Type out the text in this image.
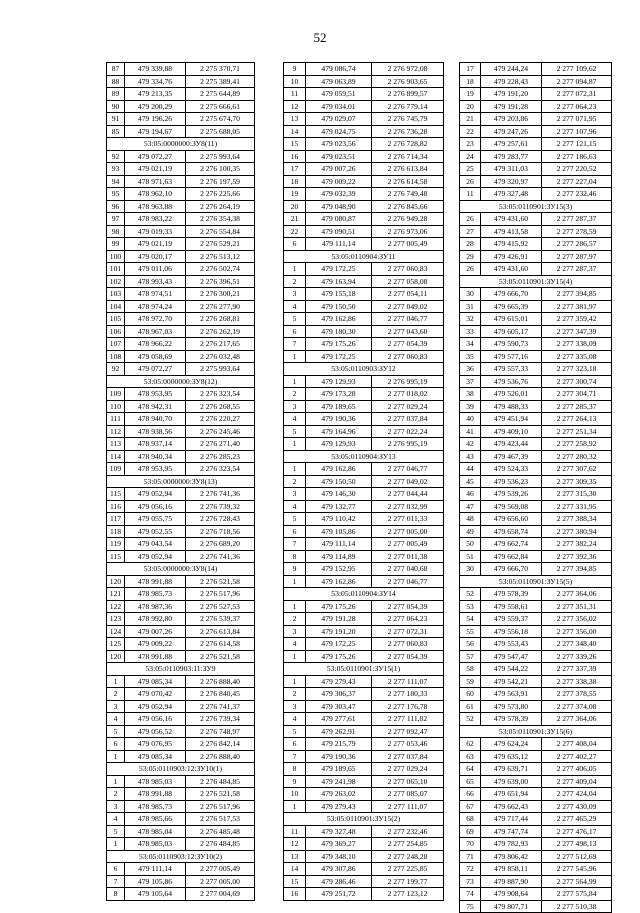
52
87	479 339,88	2 275 370,71
88	479 334,76	2 275 389,41
89	479 213,35	2 275 644,89
90	479 200,29	2 275 666,61
91	479 196,26	2 275 674,70
85	479 194,67	2 275 688,05
53:05:0000000:ЗУ8(11)		
92	479 072,27	2 275 993,64
93	479 021,19	2 276 100,35
94	478 971,63	2 276 197,59
95	478 962,10	2 276 225,66
96	478 963,88	2 276 264,19
97	478 983,22	2 276 354,38
98	479 019,33	2 276 554,84
99	479 021,19	2 276 529,21
100	479 020,17	2 276 513,12
101	479 011,06	2 276 502,74
102	478 993,43	2 276 396,51
103	478 974,51	2 276 300,21
104	478 974,24	2 276 277,90
105	478 972,70	2 276 268,81
106	478 967,03	2 276 262,19
107	478 966,22	2 276 217,65
108	479 058,69	2 276 032,48
92	479 072,27	2 275 993,64
53:05:0000000:ЗУ8(12)		
109	478 953,95	2 276 323,54
110	478 942,31	2 276 268,55
111	478 940,70	2 276 220,27
112	478 938,56	2 276 245,46
113	478 937,14	2 276 271,40
114	478 940,34	2 276 285,23
109	478 953,95	2 276 323,54
53:05:0000000:ЗУ8(13)		
115	479 052,94	2 276 741,36
116	479 056,16	2 276 739,32
117	479 055,75	2 276 728,43
118	479 052,55	2 276 718,56
119	479 043,54	2 276 689,20
115	479 052,94	2 276 741,36
53:05:0000000:ЗУ8(14)		
120	478 991,88	2 276 521,58
121	478 985,73	2 276 517,96
122	478 987,36	2 276 527,53
123	478 992,80	2 276 539,37
124	479 007,26	2 276 613,84
125	479 009,22	2 276 614,58
120	478 991,88	2 276 521,58
53:05:0110903:11:ЗУ9		
1	479 085,34	2 276 888,40
2	479 070,42	2 276 840,45
3	479 052,94	2 276 741,37
4	479 056,16	2 276 739,34
5	479 056,52	2 276 748,97
6	479 076,95	2 276 842,14
1	479 085,34	2 276 888,40
53:05:0110903:12:ЗУ10(1)		
1	478 985,03	2 276 484,85
2	478 991,88	2 276 521,58
3	478 985,73	2 276 517,96
4	478 985,66	2 276 517,53
5	478 985,04	2 276 485,48
1	478 985,03	2 276 484,85
53:05:0110903:12:ЗУ10(2)		
6	479 111,14	2 277 005,49
7	479 105,86	2 277 005,00
8	479 105,64	2 277 004,69
9	479 086,74	2 276 972,08
10	479 063,89	2 276 903,65
11	479 059,51	2 276 899,57
12	479 034,01	2 276 779,14
13	479 029,07	2 276 745,79
14	479 024,75	2 276 736,28
15	479 023,56	2 276 728,82
16	479 023,51	2 276 714,34
17	479 007,26	2 276 613,84
18	479 009,22	2 276 614,58
19	479 032,39	2 276 749,48
20	479 048,90	2 276 845,66
21	479 080,87	2 276 949,28
22	479 090,51	2 276 973,06
6	479 111,14	2 277 005,49
53:05:0110904:ЗУ11		
1	479 172,25	2 277 060,83
2	479 163,94	2 277 058,08
3	479 155,18	2 277 054,11
4	479 150,50	2 277 049,02
5	479 162,86	2 277 046,77
6	479 180,30	2 277 043,60
7	479 175,26	2 277 054,39
1	479 172,25	2 277 060,83
53:05:0110903:ЗУ12		
1	479 129,93	2 276 995,19
2	479 173,28	2 277 018,02
3	479 189,65	2 277 029,24
4	479 190,36	2 277 037,84
5	479 164,96	2 277 022,24
1	479 129,93	2 276 995,19
53:05:0110904:ЗУ13		
1	479 162,86	2 277 046,77
2	479 150,50	2 277 049,02
3	479 146,30	2 277 044,44
4	479 132,77	2 277 032,99
5	479 110,42	2 277 011,33
6	479 105,86	2 277 005,00
7	479 111,14	2 277 005,49
8	479 114,89	2 277 011,38
9	479 152,95	2 277 040,68
1	479 162,86	2 277 046,77
53:05:0110904:ЗУ14		
1	479 175,26	2 277 054,39
2	479 191,28	2 277 064,23
3	479 191,20	2 277 072,31
4	479 172,25	2 277 060,83
1	479 175,26	2 277 054,39
53:05:0110901:ЗУ15(1)		
1	479 279,43	2 277 111,07
2	479 306,37	2 277 180,33
3	479 303,47	2 277 176,78
4	479 277,61	2 277 111,82
5	479 262,91	2 277 092,47
6	479 215,79	2 277 053,46
7	479 190,36	2 277 037,84
8	479 189,65	2 277 029,24
9	479 241,98	2 277 065,10
10	479 263,02	2 277 085,07
1	479 279,43	2 277 111,07
53:05:0110901:ЗУ15(2)		
11	479 327,48	2 277 232,46
12	479 369,27	2 277 254,85
13	479 348,10	2 277 248,28
14	479 307,86	2 277 225,85
15	479 286,46	2 277 199,77
16	479 251,72	2 277 123,12
17	479 244,24	2 277 109,62
18	479 228,43	2 277 094,87
19	479 191,20	2 277 072,31
20	479 191,28	2 277 064,23
21	479 203,86	2 277 071,95
22	479 247,26	2 277 107,96
23	479 257,61	2 277 121,15
24	479 283,77	2 277 186,63
25	479 311,03	2 277 220,52
26	479 320,97	2 277 227,04
11	479 327,48	2 277 232,46
53:05:0110901:ЗУ15(3)		
26	479 431,60	2 277 287,37
27	479 413,58	2 277 278,59
28	479 415,92	2 277 286,57
29	479 426,91	2 277 287,97
26	479 431,60	2 277 287,37
53:05:0110901:ЗУ15(4)		
30	479 666,70	2 277 394,85
31	479 665,39	2 277 381,97
32	479 615,01	2 277 359,42
33	479 605,17	2 277 347,39
34	479 590,73	2 277 338,09
35	479 577,16	2 277 335,08
36	479 557,33	2 277 323,18
37	479 536,76	2 277 300,74
38	479 526,01	2 277 304,71
39	479 488,33	2 277 285,37
40	479 451,94	2 277 264,13
41	479 409,10	2 277 251,34
42	479 423,44	2 277 258,92
43	479 467,39	2 277 280,32
44	479 524,33	2 277 307,62
45	479 536,23	2 277 309,35
46	479 539,26	2 277 315,30
47	479 569,08	2 277 331,95
48	479 656,60	2 277 388,34
49	479 658,74	2 277 380,94
50	479 662,74	2 277 382,24
51	479 662,84	2 277 392,36
30	479 666,70	2 277 394,85
53:05:0110901:ЗУ15(5)		
52	479 578,39	2 277 364,06
53	479 558,61	2 277 351,31
54	479 559,37	2 277 356,02
55	479 556,18	2 277 356,00
56	479 553,43	2 277 348,40
57	479 547,47	2 277 339,26
58	479 544,22	2 277 337,39
59	479 542,21	2 277 338,38
60	479 563,91	2 277 378,55
61	479 573,80	2 277 374,08
52	479 578,39	2 277 364,06
53:05:0110901:ЗУ15(6)		
62	479 624,24	2 277 408,04
63	479 635,12	2 277 402,27
64	479 639,71	2 277 406,05
65	479 639,00	2 277 409,04
66	479 651,94	2 277 424,04
67	479 662,43	2 277 430,09
68	479 717,44	2 277 465,29
69	479 747,74	2 277 476,17
70	479 782,93	2 277 498,13
71	479 806,42	2 277 512,69
72	479 858,11	2 277 545,96
73	479 887,90	2 277 564,99
74	479 908,64	2 277 575,84
75	479 807,71	2 277 510,38
